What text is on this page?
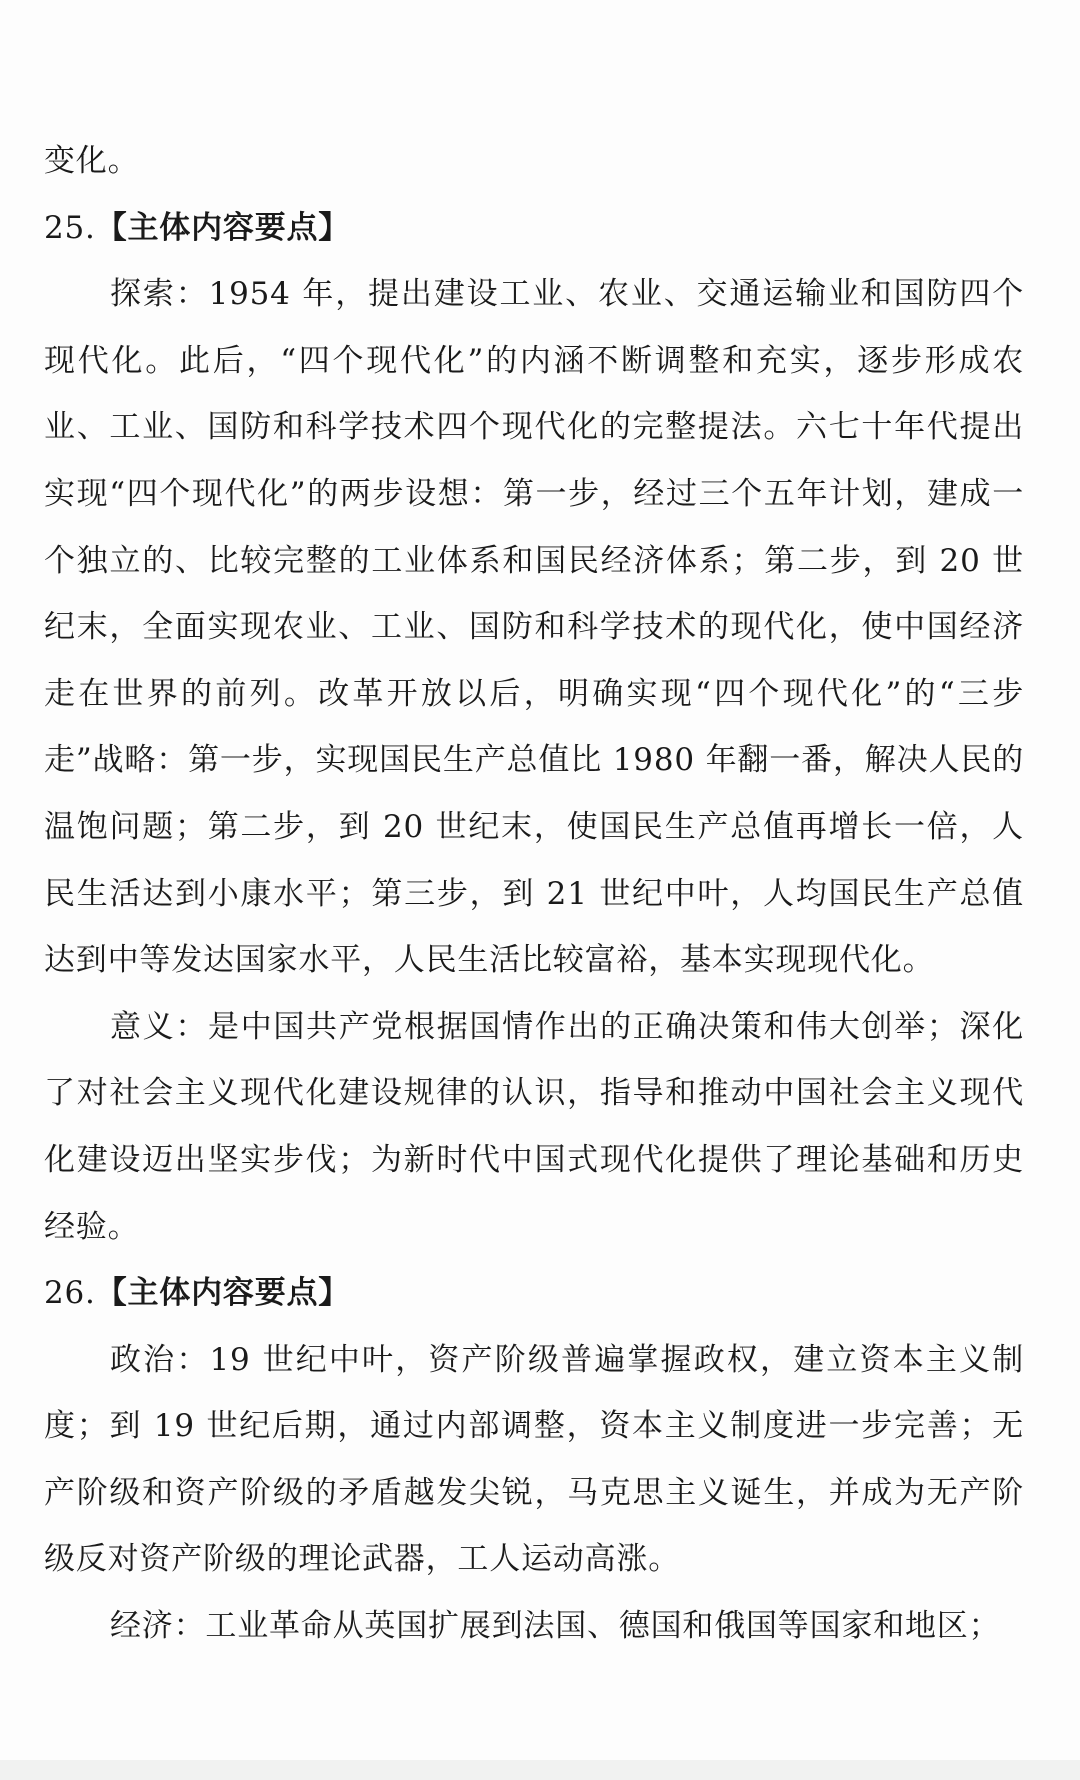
变化。

25.【主体内容要点】

探索：1954 年，提出建设工业、农业、交通运输业和国防四个现代化。此后，“四个现代化”的内涵不断调整和充实，逐步形成农业、工业、国防和科学技术四个现代化的完整提法。六七十年代提出实现“四个现代化”的两步设想：第一步，经过三个五年计划，建成一个独立的、比较完整的工业体系和国民经济体系；第二步，到 20 世纪末，全面实现农业、工业、国防和科学技术的现代化，使中国经济走在世界的前列。改革开放以后，明确实现“四个现代化”的“三步走”战略：第一步，实现国民生产总值比 1980 年翻一番，解决人民的温饱问题；第二步，到 20 世纪末，使国民生产总值再增长一倍，人民生活达到小康水平；第三步，到 21 世纪中叶，人均国民生产总值达到中等发达国家水平，人民生活比较富裕，基本实现现代化。

意义：是中国共产党根据国情作出的正确决策和伟大创举；深化了对社会主义现代化建设规律的认识，指导和推动中国社会主义现代化建设迈出坚实步伐；为新时代中国式现代化提供了理论基础和历史经验。

26.【主体内容要点】

政治：19 世纪中叶，资产阶级普遍掌握政权，建立资本主义制度；到 19 世纪后期，通过内部调整，资本主义制度进一步完善；无产阶级和资产阶级的矛盾越发尖锐，马克思主义诞生，并成为无产阶级反对资产阶级的理论武器，工人运动高涨。

经济：工业革命从英国扩展到法国、德国和俄国等国家和地区；
